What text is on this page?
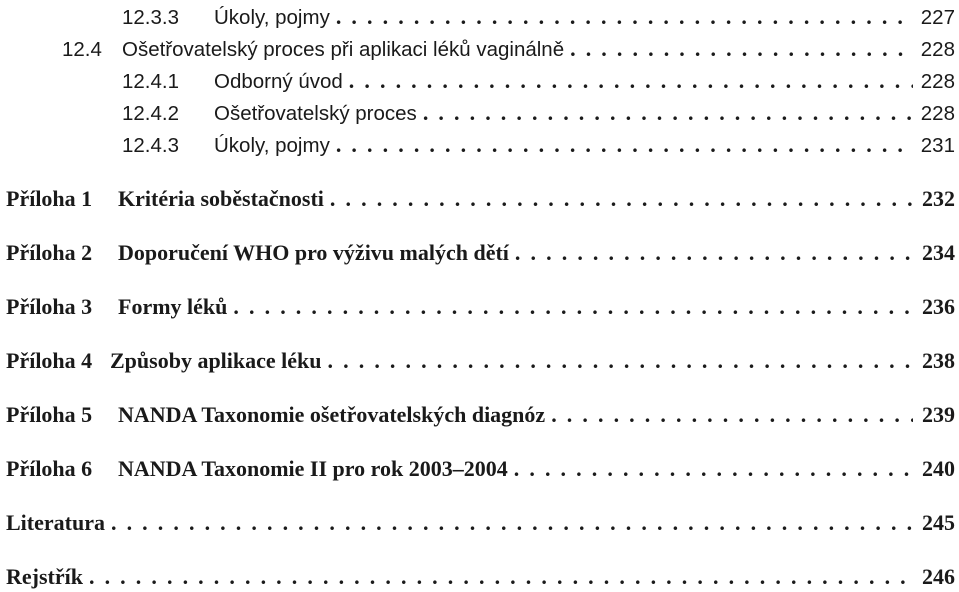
12.3.3	Úkoly, pojmy . . .	227
12.4 Ošetřovatelský proces při aplikaci léků vaginálně . . .	228
12.4.1	Odborný úvod . . .	228
12.4.2	Ošetřovatelský proces . . .	228
12.4.3	Úkoly, pojmy . . .	231
Příloha 1	Kritéria soběstačnosti . . .	232
Příloha 2	Doporučení WHO pro výživu malých dětí . . .	234
Příloha 3	Formy léků . . .	236
Příloha 4 Způsoby aplikace léku . . .	238
Příloha 5	NANDA Taxonomie ošetřovatelských diagnóz . . .	239
Příloha 6	NANDA Taxonomie II pro rok 2003–2004 . . .	240
Literatura . . .	245
Rejstřík . . .	246
